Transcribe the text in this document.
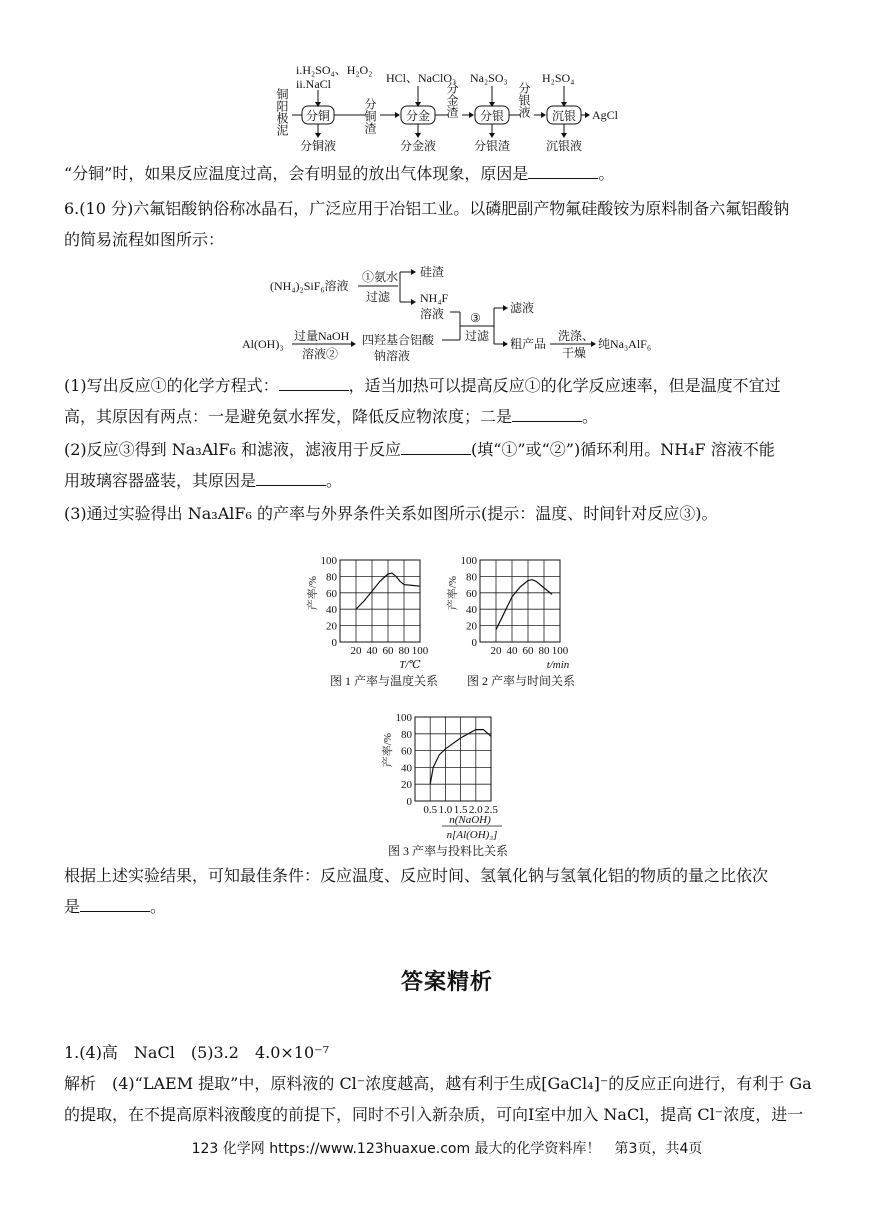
铜阳极泥
i.H₂SO₄、H₂O₂
ii.NaCl
分铜
分铜液
分铜渣
HCl、NaClO₃
分金
分金液
分金渣
Na₂SO₃
分银
分银渣
分银液
H₂SO₄
沉银
沉银液
AgCl
“分铜”时，如果反应温度过高，会有明显的放出气体现象，原因是	。
6.(10 分)六氟铝酸钠俗称冰晶石，广泛应用于冶铝工业。以磷肥副产物氟硅酸铵为原料制备六氟铝酸钠
的简易流程如图所示：
(NH₄)₂SiF₆溶液
①氨水
过滤
硅渣
NH₄F
溶液
Al(OH)₃
过量NaOH
溶液②
四羟基合铝酸
钠溶液
③
过滤
滤液
粗产品
洗涤、
干燥
纯Na₃AlF₆
(1)写出反应①的化学方程式：	，适当加热可以提高反应①的化学反应速率，但是温度不宜过
高，其原因有两点：一是避免氨水挥发，降低反应物浓度；二是	。
(2)反应③得到 Na₃AlF₆ 和滤液，滤液用于反应	(填“①”或“②”)循环利用。NH₄F 溶液不能
用玻璃容器盛装，其原因是	。
(3)通过实验得出 Na₃AlF₆ 的产率与外界条件关系如图所示(提示：温度、时间针对反应③)。
0
20
40
60
80
100
20 40 60 80 100
产率/%
T/℃
图 1 产率与温度关系
0
20
40
60
80
100
20 40 60 80 100
产率/%
t/min
图 2 产率与时间关系
0
20
40
60
80
100
0.5 1.0 1.5 2.0 2.5
产率/%
n(NaOH)
n[Al(OH)₃]
图 3 产率与投料比关系
根据上述实验结果，可知最佳条件：反应温度、反应时间、氢氧化钠与氢氧化铝的物质的量之比依次
是	。
答案精析
1.(4)高　NaCl　(5)3.2　4.0×10⁻⁷
解析　(4)“LAEM 提取”中，原料液的 Cl⁻浓度越高，越有利于生成[GaCl₄]⁻的反应正向进行，有利于 Ga
的提取，在不提高原料液酸度的前提下，同时不引入新杂质，可向Ⅰ室中加入 NaCl，提高 Cl⁻浓度，进一
123 化学网 https://www.123huaxue.com 最大的化学资料库！　第3页，共4页
